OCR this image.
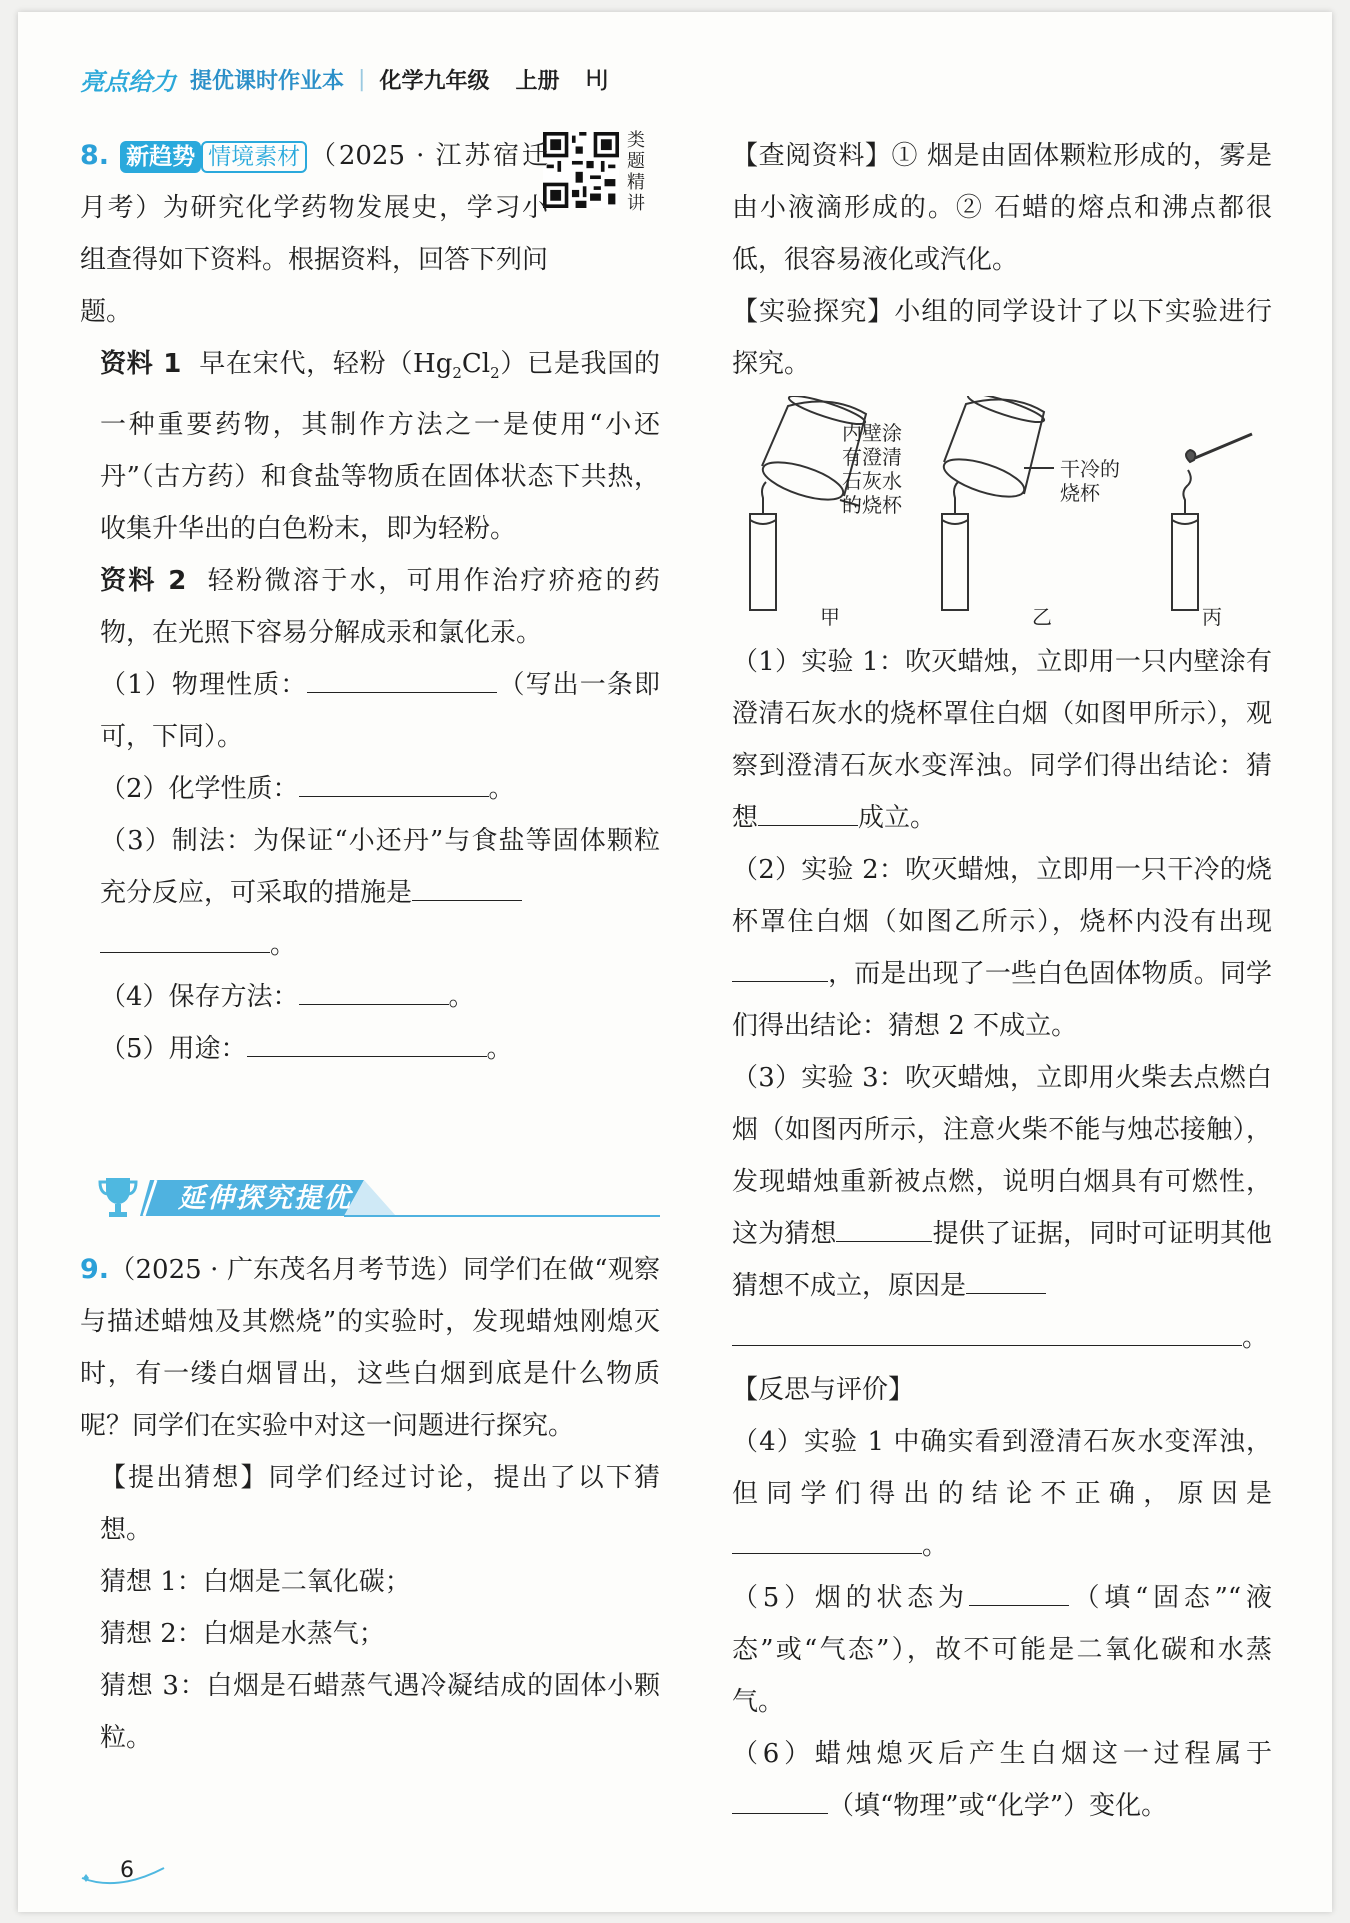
亮点给力 提优课时作业本 | 化学九年级 上册 HJ
类题精讲

8. 新趋势 情境素材 （2025 · 江苏宿迁月考）为研究化学药物发展史，学习小组查得如下资料。根据资料，回答下列问题。

资料 1 早在宋代，轻粉$(Hg_2Cl_2)$已是我国的一种重要药物，其制作方法之一是使用“小还丹”（古方药）和食盐等物质在固体状态下共热，收集升华出的白色粉末，即为轻粉。

资料 2 轻粉微溶于水，可用作治疗疥疮的药物，在光照下容易分解成汞和氯化汞。

（1）物理性质：	（写出一条即可，下同）。

（2）化学性质：	。

（3）制法：为保证“小还丹”与食盐等固体颗粒充分反应，可采取的措施是
。

（4）保存方法：	。

（5）用途：	。

延伸探究提优

9.（2025 · 广东茂名月考节选）同学们在做“观察与描述蜡烛及其燃烧”的实验时，发现蜡烛刚熄灭时，有一缕白烟冒出，这些白烟到底是什么物质呢？同学们在实验中对这一问题进行探究。

【提出猜想】同学们经过讨论，提出了以下猜想。

猜想 1：白烟是二氧化碳；

猜想 2：白烟是水蒸气；

猜想 3：白烟是石蜡蒸气遇冷凝结成的固体小颗粒。

【查阅资料】① 烟是由固体颗粒形成的，雾是由小液滴形成的。② 石蜡的熔点和沸点都很低，很容易液化或汽化。

【实验探究】小组的同学设计了以下实验进行探究。

内壁涂
有澄清
石灰水
的烧杯
干冷的
烧杯
甲	乙	丙

（1）实验 1：吹灭蜡烛，立即用一只内壁涂有澄清石灰水的烧杯罩住白烟（如图甲所示），观察到澄清石灰水变浑浊。同学们得出结论：猜想	成立。

（2）实验 2：吹灭蜡烛，立即用一只干冷的烧杯罩住白烟（如图乙所示），烧杯内没有出现，而是出现了一些白色固体物质。同学们得出结论：猜想 2 不成立。

（3）实验 3：吹灭蜡烛，立即用火柴去点燃白烟（如图丙所示，注意火柴不能与烛芯接触），发现蜡烛重新被点燃，说明白烟具有可燃性，这为猜想	提供了证据，同时可证明其他猜想不成立，原因是
。

【反思与评价】

（4）实验 1 中确实看到澄清石灰水变浑浊，但同学们得出的结论不正确，原因是。

（5）烟的状态为	（填“固态”“液态”或“气态”），故不可能是二氧化碳和水蒸气。

（6）蜡烛熄灭后产生白烟这一过程属于（填“物理”或“化学”）变化。

6
